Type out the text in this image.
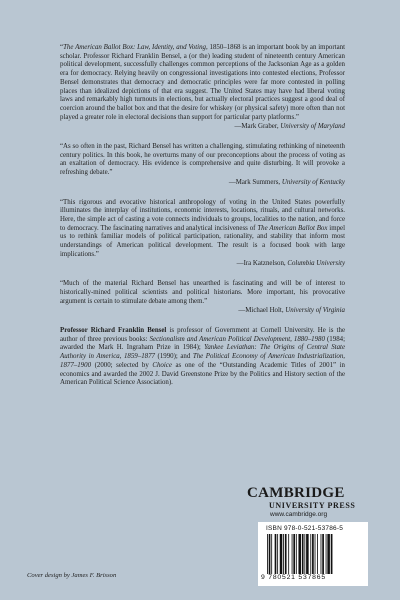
“The American Ballot Box: Law, Identity, and Voting, 1850–1868 is an important book by an important scholar. Professor Richard Franklin Bensel, a (or the) leading student of nineteenth century American political development, successfully challenges common perceptions of the Jacksonian Age as a golden era for democracy. Relying heavily on congressional investigations into contested elections, Professor Bensel demonstrates that democracy and democratic principles were far more contested in polling places than idealized depictions of that era suggest. The United States may have had liberal voting laws and remarkably high turnouts in elections, but actually electoral practices suggest a good deal of coercion around the ballot box and that the desire for whiskey (or physical safety) more often than not played a greater role in electoral decisions than support for particular party platforms.”

—Mark Graber, University of Maryland

“As so often in the past, Richard Bensel has written a challenging, stimulating rethinking of nineteenth century politics. In this book, he overturns many of our preconceptions about the process of voting as an exaltation of democracy. His evidence is comprehensive and quite disturbing. It will provoke a refreshing debate.”

—Mark Summers, University of Kentucky

“This rigorous and evocative historical anthropology of voting in the United States powerfully illuminates the interplay of institutions, economic interests, locations, rituals, and cultural networks. Here, the simple act of casting a vote connects individuals to groups, localities to the nation, and force to democracy. The fascinating narratives and analytical incisiveness of The American Ballot Box impel us to rethink familiar models of political participation, rationality, and stability that inform most understandings of American political development. The result is a focused book with large implications.”

—Ira Katznelson, Columbia University

“Much of the material Richard Bensel has unearthed is fascinating and will be of interest to historically-mined political scientists and political historians. More important, his provocative argument is certain to stimulate debate among them.”

—Michael Holt, University of Virginia

Professor Richard Franklin Bensel is professor of Government at Cornell University. He is the author of three previous books: Sectionalism and American Political Development, 1880–1980 (1984; awarded the Mark H. Ingraham Prize in 1984); Yankee Leviathan: The Origins of Central State Authority in America, 1859–1877 (1990); and The Political Economy of American Industrialization, 1877–1900 (2000; selected by Choice as one of the “Outstanding Academic Titles of 2001” in economics and awarded the 2002 J. David Greenstone Prize by the Politics and History section of the American Political Science Association).

CAMBRIDGE
UNIVERSITY PRESS
www.cambridge.org
ISBN 978-0-521-53786-5
9 780521 537865
Cover design by James F. Brisson
